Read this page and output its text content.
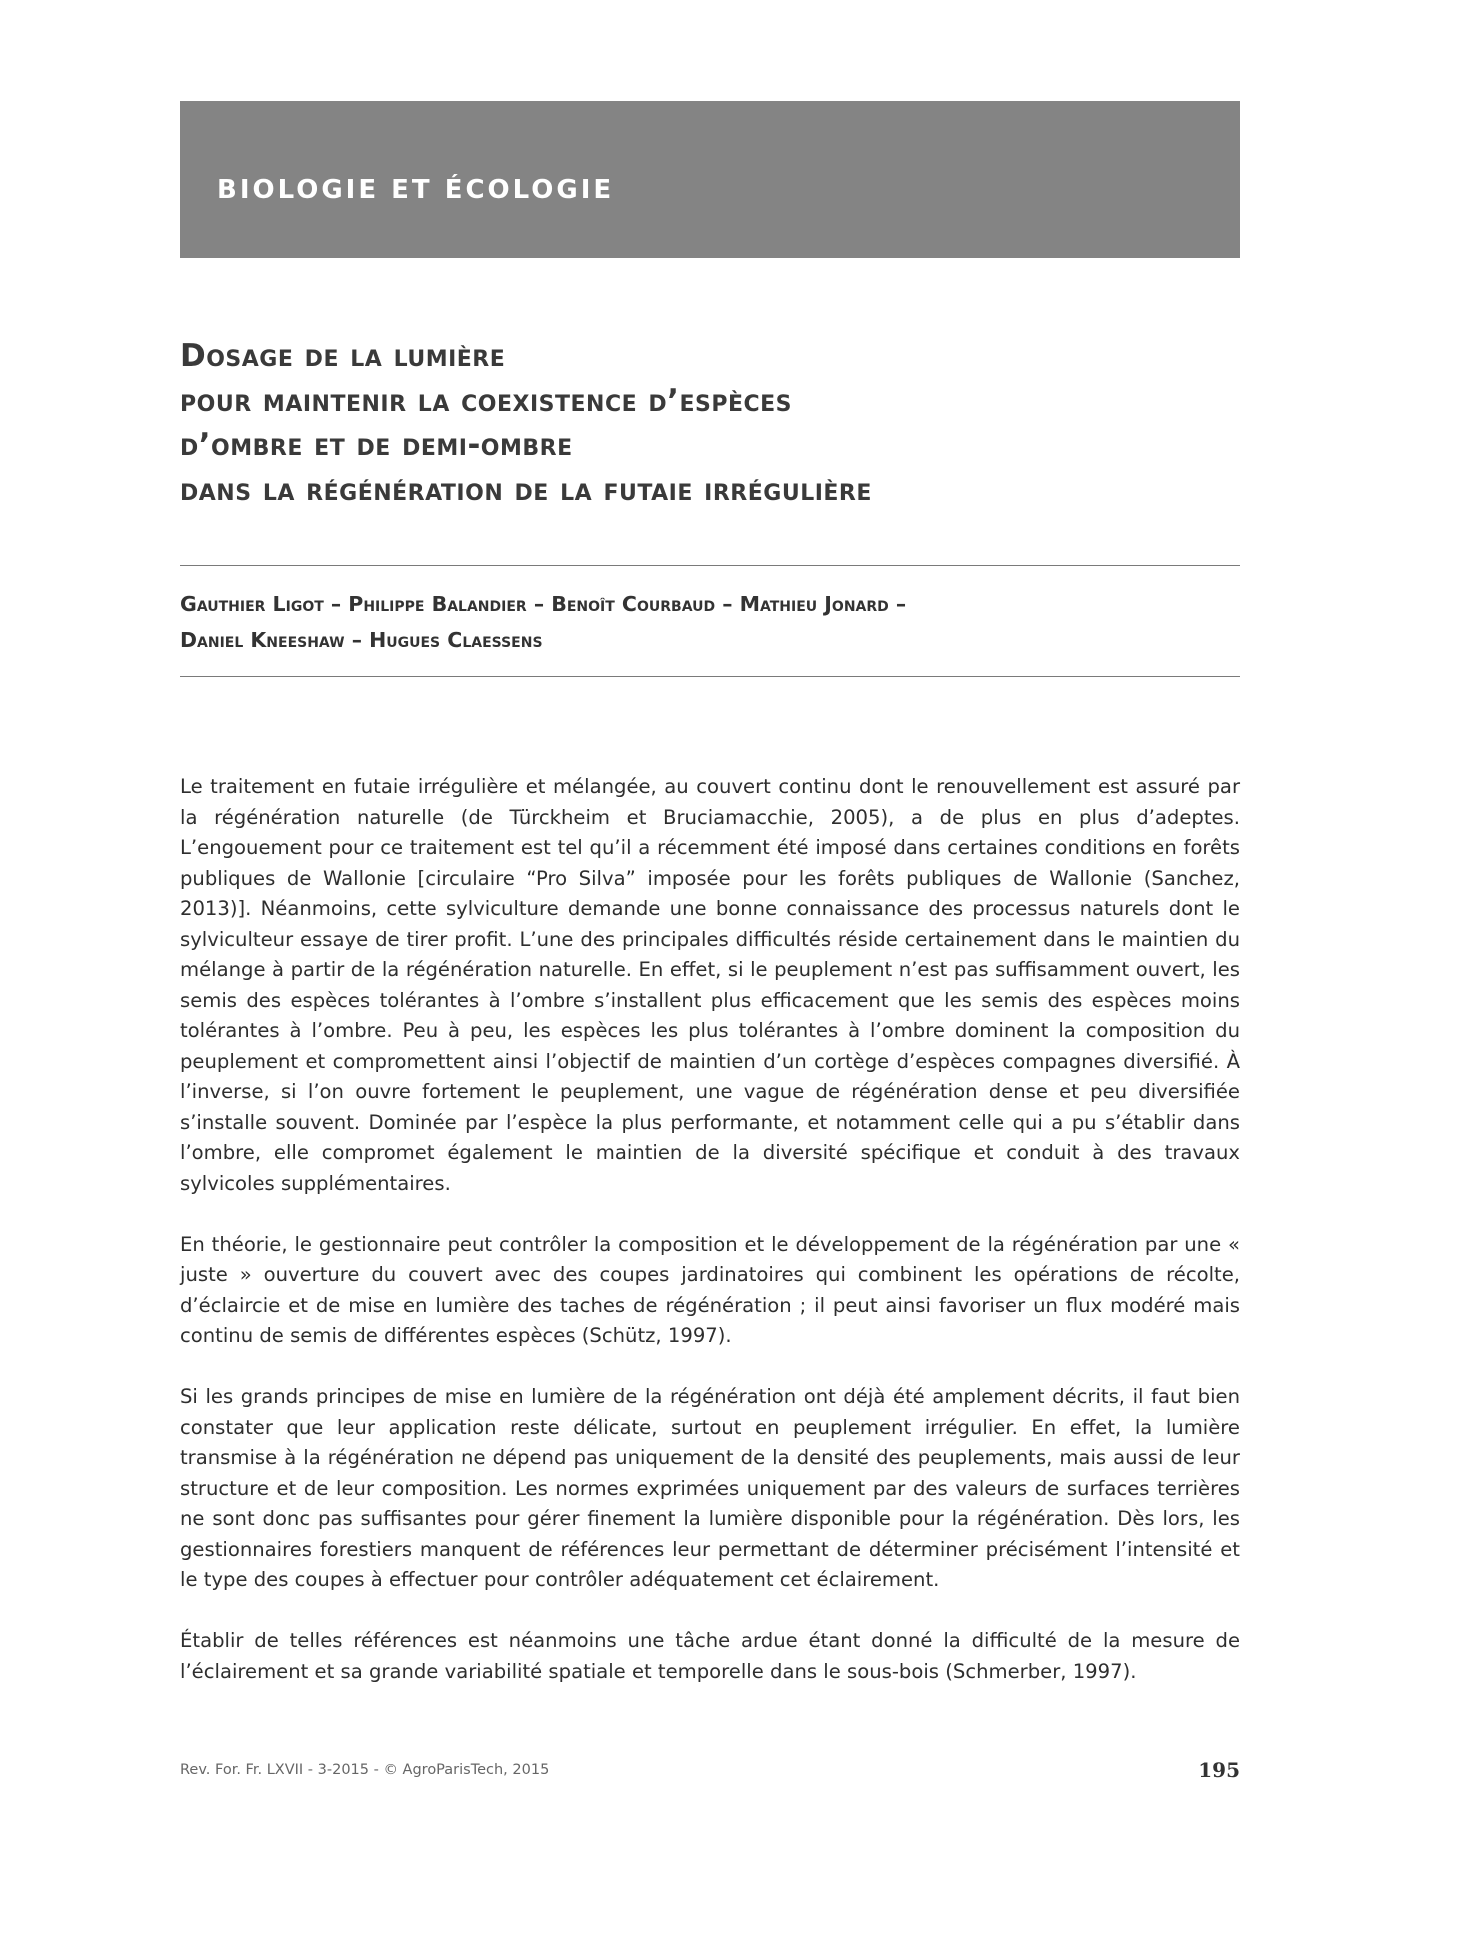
BIOLOGIE ET ÉCOLOGIE
Dosage de la lumière
pour maintenir la coexistence d’espèces
d’ombre et de demi-ombre
dans la régénération de la futaie irrégulière
Gauthier Ligot – Philippe Balandier – Benoît Courbaud – Mathieu Jonard –
Daniel Kneeshaw – Hugues Claessens

Le traitement en futaie irrégulière et mélangée, au couvert continu dont le renouvellement est assuré par la régénération naturelle (de Türckheim et Bruciamacchie, 2005), a de plus en plus d’adeptes. L’engouement pour ce traitement est tel qu’il a récemment été imposé dans certaines conditions en forêts publiques de Wallonie [circulaire “Pro Silva” imposée pour les forêts publiques de Wallonie (Sanchez, 2013)]. Néanmoins, cette sylviculture demande une bonne connaissance des processus naturels dont le sylviculteur essaye de tirer profit. L’une des principales difficultés réside certainement dans le maintien du mélange à partir de la régénération naturelle. En effet, si le peuplement n’est pas suffisamment ouvert, les semis des espèces tolérantes à l’ombre s’installent plus efficacement que les semis des espèces moins tolérantes à l’ombre. Peu à peu, les espèces les plus tolérantes à l’ombre dominent la composition du peuplement et compromettent ainsi l’objectif de maintien d’un cortège d’espèces compagnes diversifié. À l’inverse, si l’on ouvre fortement le peuplement, une vague de régénération dense et peu diversifiée s’installe souvent. Dominée par l’espèce la plus performante, et notamment celle qui a pu s’établir dans l’ombre, elle compromet également le maintien de la diversité spécifique et conduit à des travaux sylvicoles supplémentaires.

En théorie, le gestionnaire peut contrôler la composition et le développement de la régénération par une « juste » ouverture du couvert avec des coupes jardinatoires qui combinent les opérations de récolte, d’éclaircie et de mise en lumière des taches de régénération ; il peut ainsi favoriser un flux modéré mais continu de semis de différentes espèces (Schütz, 1997).

Si les grands principes de mise en lumière de la régénération ont déjà été amplement décrits, il faut bien constater que leur application reste délicate, surtout en peuplement irrégulier. En effet, la lumière transmise à la régénération ne dépend pas uniquement de la densité des peuplements, mais aussi de leur structure et de leur composition. Les normes exprimées uniquement par des valeurs de surfaces terrières ne sont donc pas suffisantes pour gérer finement la lumière disponible pour la régénération. Dès lors, les gestionnaires forestiers manquent de références leur permettant de déterminer précisément l’intensité et le type des coupes à effectuer pour contrôler adéquatement cet éclairement.

Établir de telles références est néanmoins une tâche ardue étant donné la difficulté de la mesure de l’éclairement et sa grande variabilité spatiale et temporelle dans le sous-bois (Schmerber, 1997).

Rev. For. Fr. LXVII - 3-2015 - © AgroParisTech, 2015	195
